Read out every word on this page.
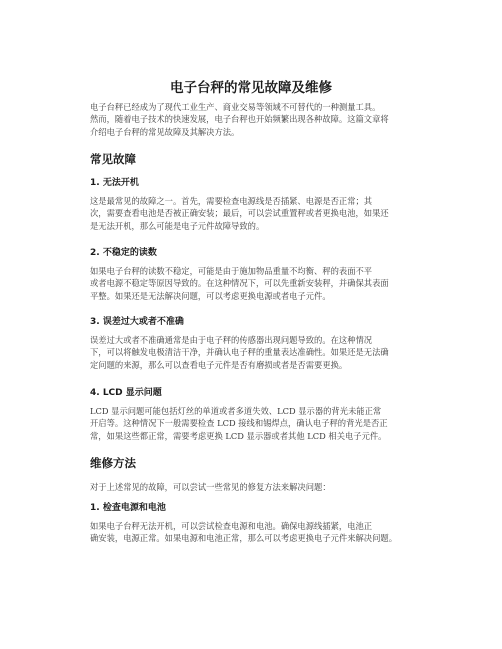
电子台秤的常见故障及维修

电子台秤已经成为了现代工业生产、商业交易等领域不可替代的一种测量工具。
然而，随着电子技术的快速发展，电子台秤也开始频繁出现各种故障。这篇文章将
介绍电子台秤的常见故障及其解决方法。

常见故障
1. 无法开机

这是最常见的故障之一。首先，需要检查电源线是否插紧、电源是否正常；其
次，需要查看电池是否被正确安装；最后，可以尝试重置秤或者更换电池，如果还
是无法开机，那么可能是电子元件故障导致的。

2. 不稳定的读数

如果电子台秤的读数不稳定，可能是由于施加物品重量不均衡、秤的表面不平
或者电源不稳定等原因导致的。在这种情况下，可以先重新安装秤，并确保其表面
平整。如果还是无法解决问题，可以考虑更换电源或者电子元件。

3. 误差过大或者不准确

误差过大或者不准确通常是由于电子秤的传感器出现问题导致的。在这种情况
下，可以将触发电极清洁干净，并确认电子秤的重量表达准确性。如果还是无法确
定问题的来源，那么可以查看电子元件是否有磨损或者是否需要更换。

4. LCD 显示问题

LCD 显示问题可能包括灯丝的单道或者多道失效、LCD 显示器的背光未能正常
开启等。这种情况下一般需要检查 LCD 接线和锡焊点，确认电子秤的背光是否正
常，如果这些都正常，需要考虑更换 LCD 显示器或者其他 LCD 相关电子元件。

维修方法

对于上述常见的故障，可以尝试一些常见的修复方法来解决问题：

1. 检查电源和电池

如果电子台秤无法开机，可以尝试检查电源和电池。确保电源线插紧，电池正
确安装，电源正常。如果电源和电池正常，那么可以考虑更换电子元件来解决问题。
